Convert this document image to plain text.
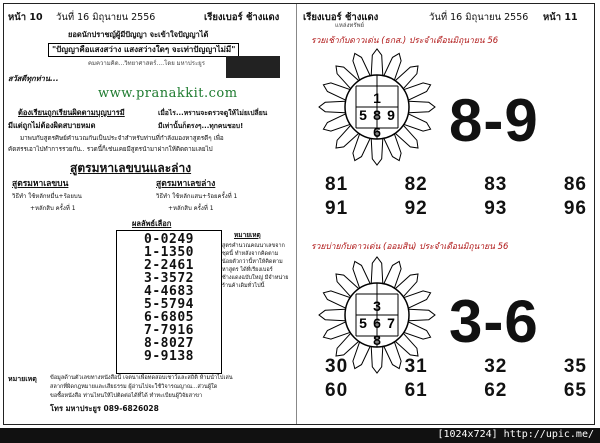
หน้า 10 วันที่ 16 มิถุนายน 2556	เรียงเบอร์ ช้างแดง
ยอดนักปราชญ์ผู้มีปัญญา จะเข้าใจปัญญาได้
"ปัญญาคือแสงสว่าง แสงสว่างใดๆ จะเท่าปัญญาไม่มี"
คมความคิด...วิทยาศาสตร์....โดย มหาประยูร
สวัสดีทุกท่าน...
www.pranakkit.com
ต้องเรียนถูกเรียนผิดตามบุญบารมี
มีแต่ถูกไม่ต้องผิดสบายหมด
เมื่อไร...หรานจะตรวจดูให้ไม่ยเปลี่ยน
มีเท่านั้นก็ตรงๆ...ทุกคนชอบ!
มาพบกับสูตรศิษย์คำนวณกันเป็นประจำสำหรับท่านที่กำลังมองหาสูตรดีๆ เพื่อ
คัดสรรเอาไปทำการรวยกัน.. รวดนี้ก็เช่นเคยมีสูตรนำมาฝากให้ติดตามเลยไป
สูตรมหาเลขบนและล่าง
สูตรมหาเลขบน
วิธีทำ ใช้หลักหมื่น+ร้อยบน
+หลักสิบ ครั้งที่ 1
สูตรมหาเลขล่าง
วิธีทำ ใช้หลักแสน+ร้อยครั้งที่ 1
+หลักสิบ ครั้งที่ 1
ผลลัพธ์เลือก
0-0249
1-1350
2-2461
3-3572
4-4683
5-5794
6-6805
7-7916
8-8027
9-9138
หมายเหตุ
สูตรคำนวณคณนาเลขจาก
ชุดนี้ ทำหลังจากคิดตาม
น้อยตัวกว่านี้หาให้คิดตาม
หาสูตร ได้ที่เรียงเบอร์
ช้างแดงฉบับใหญ่ มีจำหน่าย
ร้านค้าเดิมทั่วไปนี้
หมายเหตุ ข้อมูลด้านตัวเลขทางหนังสือนี้ เจตนาเพื่อทดสอบเชาว์และสถิติ ห้ามนำไปเล่น
สลากที่ผิดกฎหมายและเสียธรรม ผู้อ่านไปจะใช้วิจารณญาณ...ส่วนผู้ใด
ขอซื้อหนังสือ ท่านไหนให้ไปติดต่อได้ที่ได้ ทำทะเบียนผู้วิจัยสาขา
โทร มหาประยูร 089-6826028
เรียงเบอร์ ช้างแดง
แหล่งทรัพย์
วันที่ 16 มิถุนายน 2556 หน้า 11
รวยเช้ากับดาวเด่น (ธกส.) ประจำเดือนมิถุนายน 56
1
5 8 9
6 8-9
81	82	83	86
91	92	93	96
รวยบ่ายกับดาวเด่น (ออมสิน) ประจำเดือนมิถุนายน 56
3
5 6 7
8 3-6
30	31	32	35
60	61	62	65
[1024x724] http://upic.me/
